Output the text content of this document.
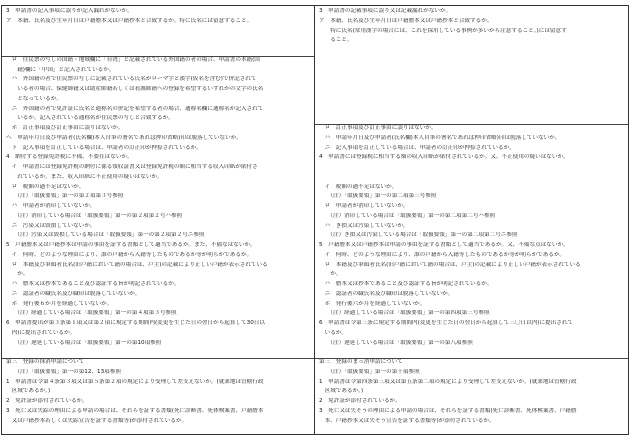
3　申請書の記入事項に誤りが記入漏れがないか。
ア　本籍、氏名及び生年月日は戸籍謄本又は戸籍抄本と合致するか。特に氏名には留意すること。
　ロ　住民票の写しの国籍・地域欄に「台湾」と記載されている外国籍の者の場合、申請書の本籍(国
　　籍)欄に「中国」と記入されているか。
　ハ　外国籍の者で住民票の写しに記載されている氏名がローマ字と漢字(仮名を含む)で併記されて
　　いる者の場合、保健師籍又は助産師籍若しくは看護師籍への登録を希望するいずれかの文字の氏名
　　となっているか。
　ニ　外国籍の者で免許証に氏名と通称名の併記を希望する者の場合、通称名欄に通称名が記入されて
　　いるか。記入されている通称名が住民票の写しと合致するか。
　ホ　訂正事項及び訂正事由に誤りはないか。
へ　申請年月日及び申請者(氏名欄)本人自筆の署名であれば押印省略)印は脱落していないか。
　ト　記入事項を訂正している場合は、申請者の訂正印が押捺されているか。
4　納付する登録免許税に不備、不要在はないか。
　イ　申請書には登録免許税の納付に係る領収証書又は登録免許税の額に相当する収入印紙が貼付さ
　　れているか。また、収入印紙に不正使用の疑いはないか。
　ロ　税額の過不足はないか。
　　（注）「取扱要領」第一の第２項第３号参照
　ハ　申請者が消印していないか。
　　（注）消印している場合は「取扱要領」第一の第２項第２号ハ参照
　ニ　汚染又は毀損していないか。
　　（注）汚染又は毀損している場合は「取扱要領」第一の第２項第２号ニ参照
5　戸籍謄本又は戸籍抄本は申請の事由を証する書類として適当であるか。また、不備なはないか。
　イ　何時、どのような理由により、誰の戸籍から入籍等したものであるか等が明らかであるか。
　ロ　本籍及び筆頭者氏名(旧戸籍において籍の場合は、戸主)の記載により正しい戸籍が表示されている
　　か。
　ハ　謄本又は抄本であること及び認証する旨が明記されているか。
　ニ　認証者の職氏名及び職印は脱落していないか。
　ホ　発行後６か月を経過していないか。
　　（注）経過している場合は「取扱要領」第一の第４項第３号参照
6　申請書提出が第３条第１項又は第２項に規定する期間内(変更を生じた日の翌日から起算して30日以
　内)に提出されているか。
　　（注）遅延している場合は「取扱要領」第一の第10項参照
第三　登録の抹消申請について
　　（注）「取扱要領」第一の第12、13項参照
1　申請書は令第４条第３項又は第５条第２項の規定により受理して差支えないか。(就業地は管轄行政
　区域であるか。)
2　免許証が添付されているか。
3　死亡又は失踪の理由による申請の場合は、それらを証する書類(死亡診断書、死体検案書、戸籍謄本
　又は戸籍抄本若しくは失踪宣告を証する書類等)が添付されているか。
3　申請書の記載事項に誤り又は記載漏れがないか。
ア　本籍、氏名及び生年月日は戸籍謄本又は戸籍抄本と合致するか。
　　特に氏名(常用漢字の場合には、これを採用している事例が多いから注意すること。)には留意す
　　ること。
　ロ　訂正事項及び訂正事由に誤りはないか。
　ハ　申請年月日及び申請者(氏名欄)本人自筆の署名であれば押印省略)印は脱落していないか。
　ニ　記入事項を訂正している場合は、申請者の訂正印が押捺されているか。
4　申請書には登録税に相当する額の収入印紙が貼付されているか。又、不正使用の疑いはないか。
　イ　税額の過不足はないか。
　　（注）「取扱要領」第一の第二項第三号参照
　ロ　申請者が消印していないか。
　　（注）消印している場合は「取扱要領」第一の第二項第二号ハ参照
　ハ　き損又は汚染していないか。
　　（注）き損又は汚染している場合は「取扱要領」第一の第二項第二号ニ参照
5　戸籍謄本又は戸籍抄本は申請の事由を証する書類として適当であるか。又、不備な点はないか。
　イ　何時、どのような理由により、誰の戸籍から入籍等したものであるか等が明らかであるか。
　ロ　本籍及び筆頭者氏名(旧戸籍において籍の場合は、戸主)の記載により正しい戸籍が表示されている
　　か。
　ハ　謄本又は抄本であること及び認証する旨が明記されているか。
　ニ　認証者の職氏名及び職印は脱落していないか。
　ホ　発行後六か月を経過していないか。
　　（注）経過している場合は「取扱要領」第一の第四項第三号参照
6　申請書は令第三条に規定する期間内(変更を生じた日の翌日から起算して三〇日以内)に提出されて
　いるか。
　　（注）遅延している場合は「取扱要領」第一の第八項参照
第三　登録のまっ消申請について
　　（注）「取扱要領」第一の第十項参照
1　申請書は令第四条第三項又は第五条第二項の規定により受理して差支えないか。(就業地は管轄行政
　区域であるか。)
2　免許証が添付されているか。
3　死亡又は失そうの理由による申請の場合は、それらを証する書類(死亡診断書、死体検案書、戸籍謄
　本、戸籍抄本又は失そう宣告を証する書類等)が添付されているか。
